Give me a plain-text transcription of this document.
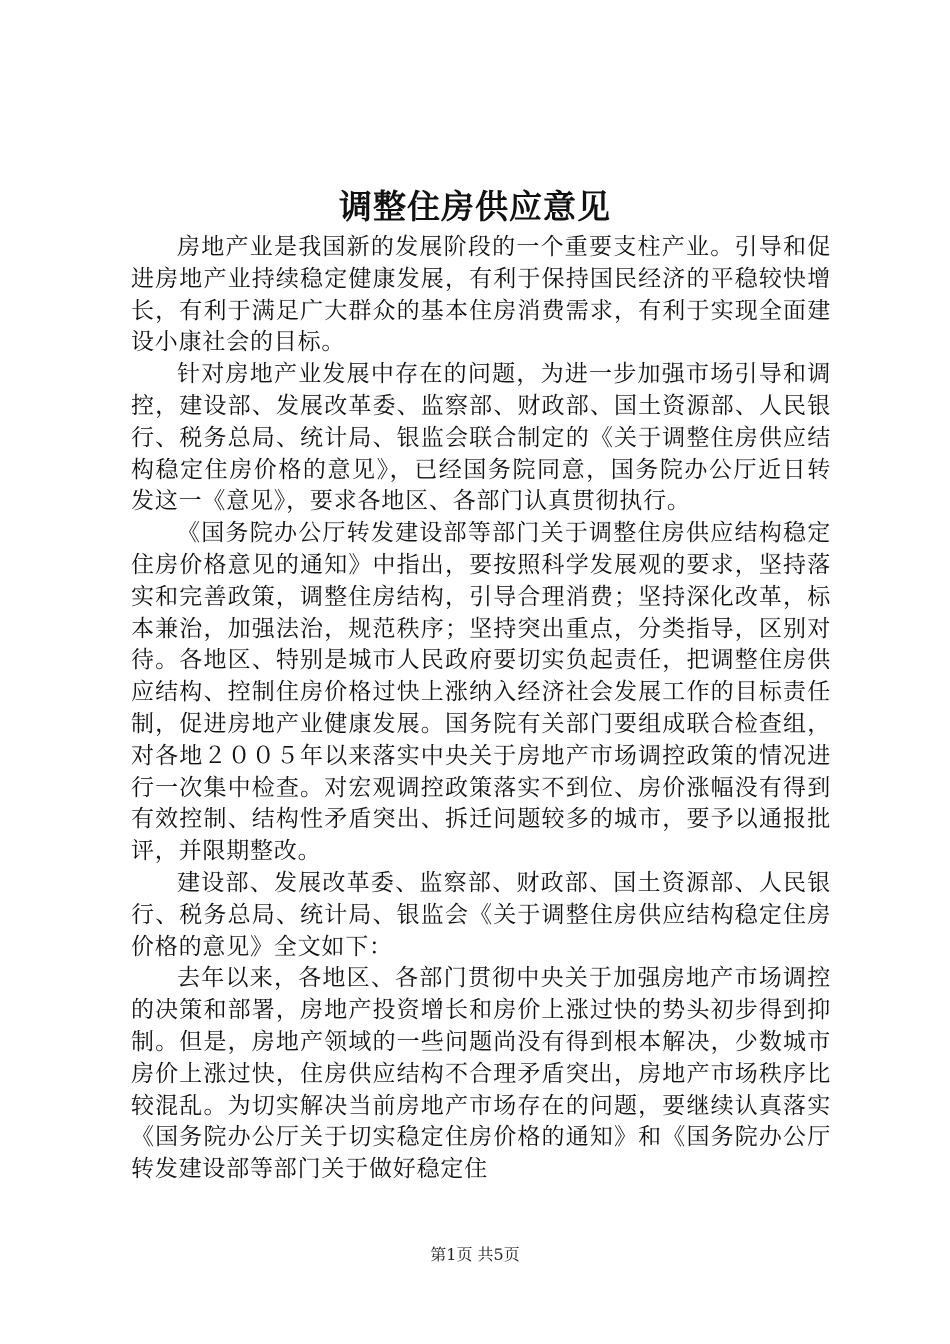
调整住房供应意见

房地产业是我国新的发展阶段的一个重要支柱产业。引导和促进房地产业持续稳定健康发展，有利于保持国民经济的平稳较快增长，有利于满足广大群众的基本住房消费需求，有利于实现全面建设小康社会的目标。

针对房地产业发展中存在的问题，为进一步加强市场引导和调控，建设部、发展改革委、监察部、财政部、国土资源部、人民银行、税务总局、统计局、银监会联合制定的《关于调整住房供应结构稳定住房价格的意见》，已经国务院同意，国务院办公厅近日转发这一《意见》，要求各地区、各部门认真贯彻执行。

《国务院办公厅转发建设部等部门关于调整住房供应结构稳定住房价格意见的通知》中指出，要按照科学发展观的要求，坚持落实和完善政策，调整住房结构，引导合理消费；坚持深化改革，标本兼治，加强法治，规范秩序；坚持突出重点，分类指导，区别对待。各地区、特别是城市人民政府要切实负起责任，把调整住房供应结构、控制住房价格过快上涨纳入经济社会发展工作的目标责任制，促进房地产业健康发展。国务院有关部门要组成联合检查组，对各地２００５年以来落实中央关于房地产市场调控政策的情况进行一次集中检查。对宏观调控政策落实不到位、房价涨幅没有得到有效控制、结构性矛盾突出、拆迁问题较多的城市，要予以通报批评，并限期整改。

建设部、发展改革委、监察部、财政部、国土资源部、人民银行、税务总局、统计局、银监会《关于调整住房供应结构稳定住房价格的意见》全文如下：

去年以来，各地区、各部门贯彻中央关于加强房地产市场调控的决策和部署，房地产投资增长和房价上涨过快的势头初步得到抑制。但是，房地产领域的一些问题尚没有得到根本解决，少数城市房价上涨过快，住房供应结构不合理矛盾突出，房地产市场秩序比较混乱。为切实解决当前房地产市场存在的问题，要继续认真落实《国务院办公厅关于切实稳定住房价格的通知》和《国务院办公厅转发建设部等部门关于做好稳定住

第1页 共5页
